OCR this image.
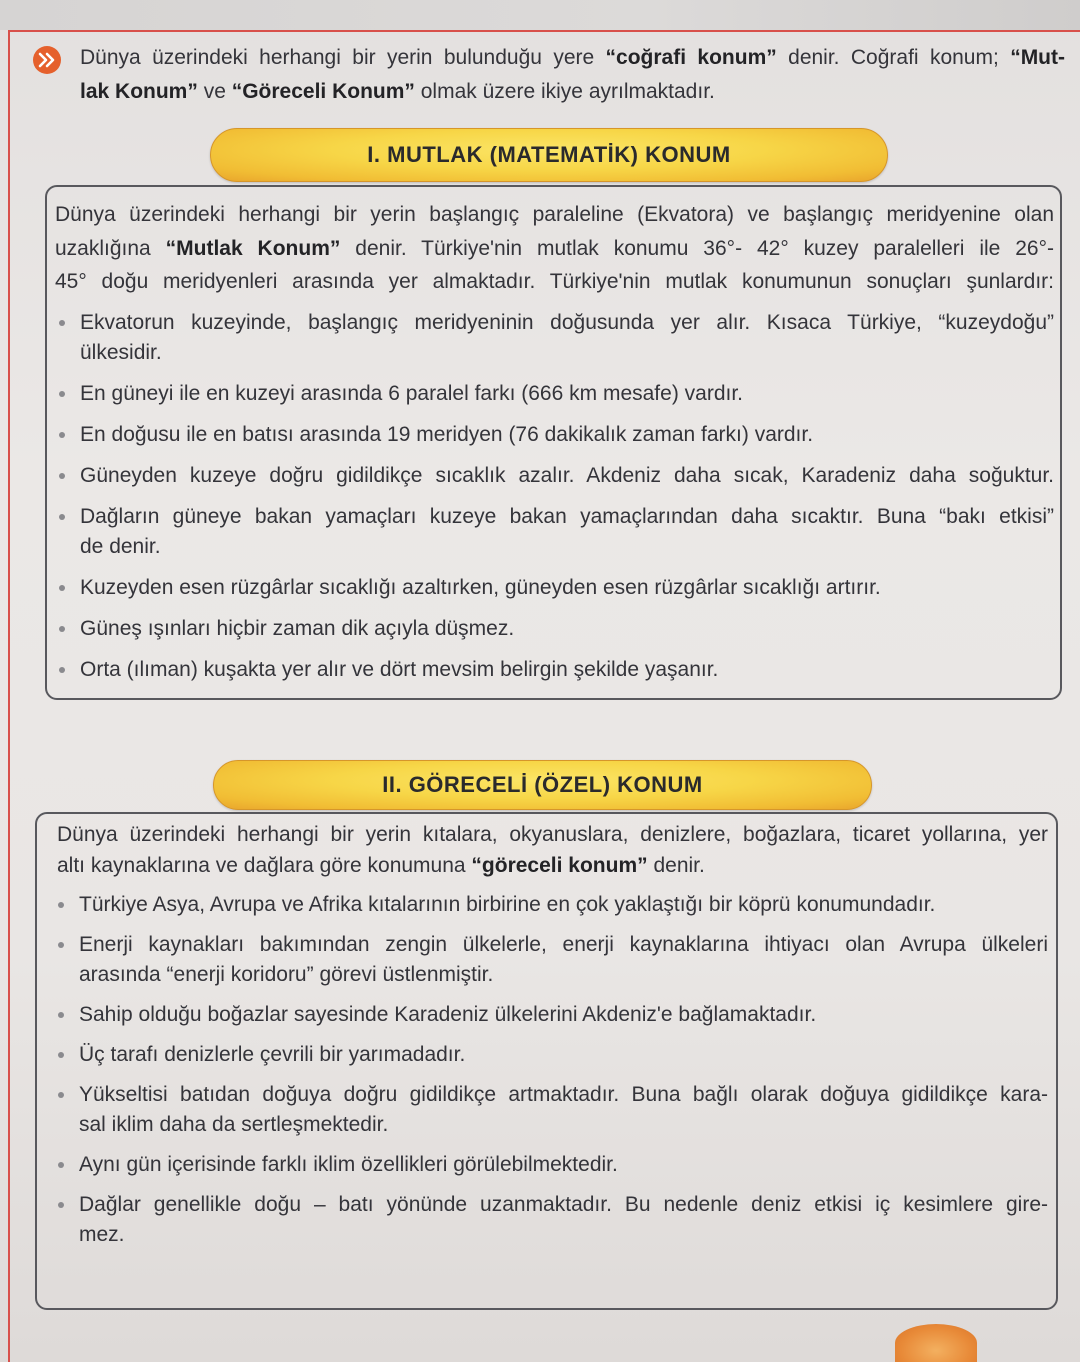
Dünya üzerindeki herhangi bir yerin bulunduğu yere “coğrafi konum” denir. Coğrafi konum; “Mut-
lak Konum” ve “Göreceli Konum” olmak üzere ikiye ayrılmaktadır.
I. MUTLAK (MATEMATİK) KONUM
Dünya üzerindeki herhangi bir yerin başlangıç paraleline (Ekvatora) ve başlangıç meridyenine olan
uzaklığına “Mutlak Konum” denir. Türkiye'nin mutlak konumu 36°- 42° kuzey paralelleri ile 26°-
45° doğu meridyenleri arasında yer almaktadır. Türkiye'nin mutlak konumunun sonuçları şunlardır:
Ekvatorun kuzeyinde, başlangıç meridyeninin doğusunda yer alır. Kısaca Türkiye, “kuzeydoğu”
ülkesidir.
En güneyi ile en kuzeyi arasında 6 paralel farkı (666 km mesafe) vardır.
En doğusu ile en batısı arasında 19 meridyen (76 dakikalık zaman farkı) vardır.
Güneyden kuzeye doğru gidildikçe sıcaklık azalır. Akdeniz daha sıcak, Karadeniz daha soğuktur.
Dağların güneye bakan yamaçları kuzeye bakan yamaçlarından daha sıcaktır. Buna “bakı etkisi”
de denir.
Kuzeyden esen rüzgârlar sıcaklığı azaltırken, güneyden esen rüzgârlar sıcaklığı artırır.
Güneş ışınları hiçbir zaman dik açıyla düşmez.
Orta (ılıman) kuşakta yer alır ve dört mevsim belirgin şekilde yaşanır.
II. GÖRECELİ (ÖZEL) KONUM
Dünya üzerindeki herhangi bir yerin kıtalara, okyanuslara, denizlere, boğazlara, ticaret yollarına, yer
altı kaynaklarına ve dağlara göre konumuna “göreceli konum” denir.
Türkiye Asya, Avrupa ve Afrika kıtalarının birbirine en çok yaklaştığı bir köprü konumundadır.
Enerji kaynakları bakımından zengin ülkelerle, enerji kaynaklarına ihtiyacı olan Avrupa ülkeleri
arasında “enerji koridoru” görevi üstlenmiştir.
Sahip olduğu boğazlar sayesinde Karadeniz ülkelerini Akdeniz'e bağlamaktadır.
Üç tarafı denizlerle çevrili bir yarımadadır.
Yükseltisi batıdan doğuya doğru gidildikçe artmaktadır. Buna bağlı olarak doğuya gidildikçe kara-
sal iklim daha da sertleşmektedir.
Aynı gün içerisinde farklı iklim özellikleri görülebilmektedir.
Dağlar genellikle doğu – batı yönünde uzanmaktadır. Bu nedenle deniz etkisi iç kesimlere gire-
mez.
